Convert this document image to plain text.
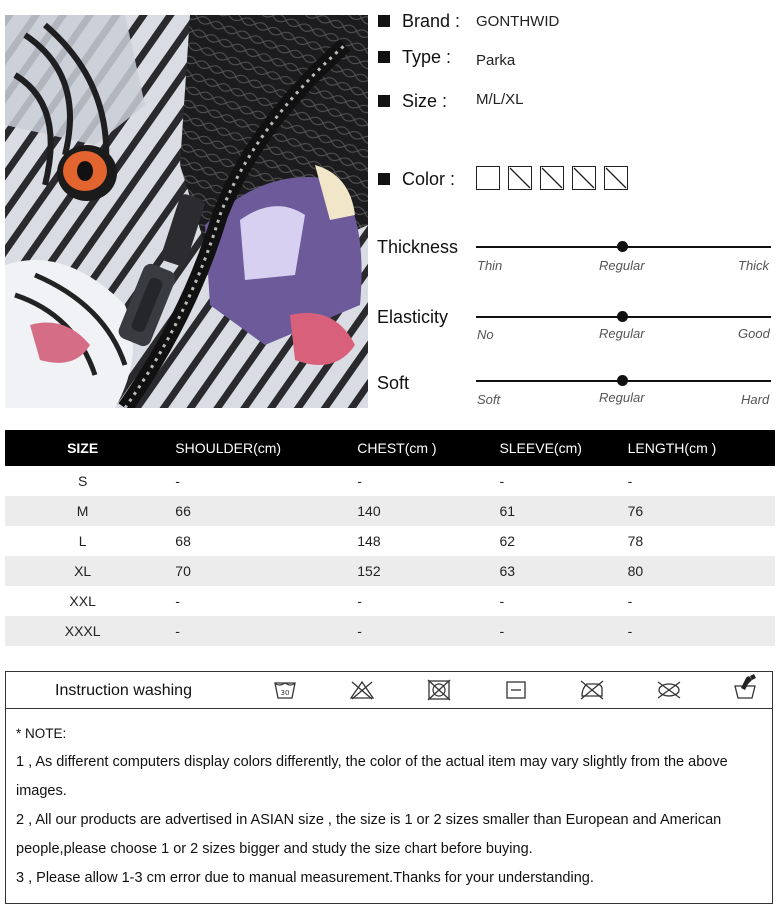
Brand : GONTHWID
Type : Parka
Size : M/L/XL
Color :
Thickness
Thin	Regular	Thick
Elasticity
No	Regular	Good
Soft
Soft	Regular	Hard
SIZE	SHOULDER(cm)	CHEST(cm )	SLEEVE(cm)	LENGTH(cm )
S	-	-	-	-
M	66	140	61	76
L	68	148	62	78
XL	70	152	63	80
XXL	-	-	-	-
XXXL	-	-	-	-
Instruction washing	30
* NOTE:
1 , As different computers display colors differently, the color of the actual item may vary slightly from the above
images.
2 , All our products are advertised in ASIAN size , the size is 1 or 2 sizes smaller than European and American
people,please choose 1 or 2 sizes bigger and study the size chart before buying.
3 , Please allow 1-3 cm error due to manual measurement.Thanks for your understanding.
